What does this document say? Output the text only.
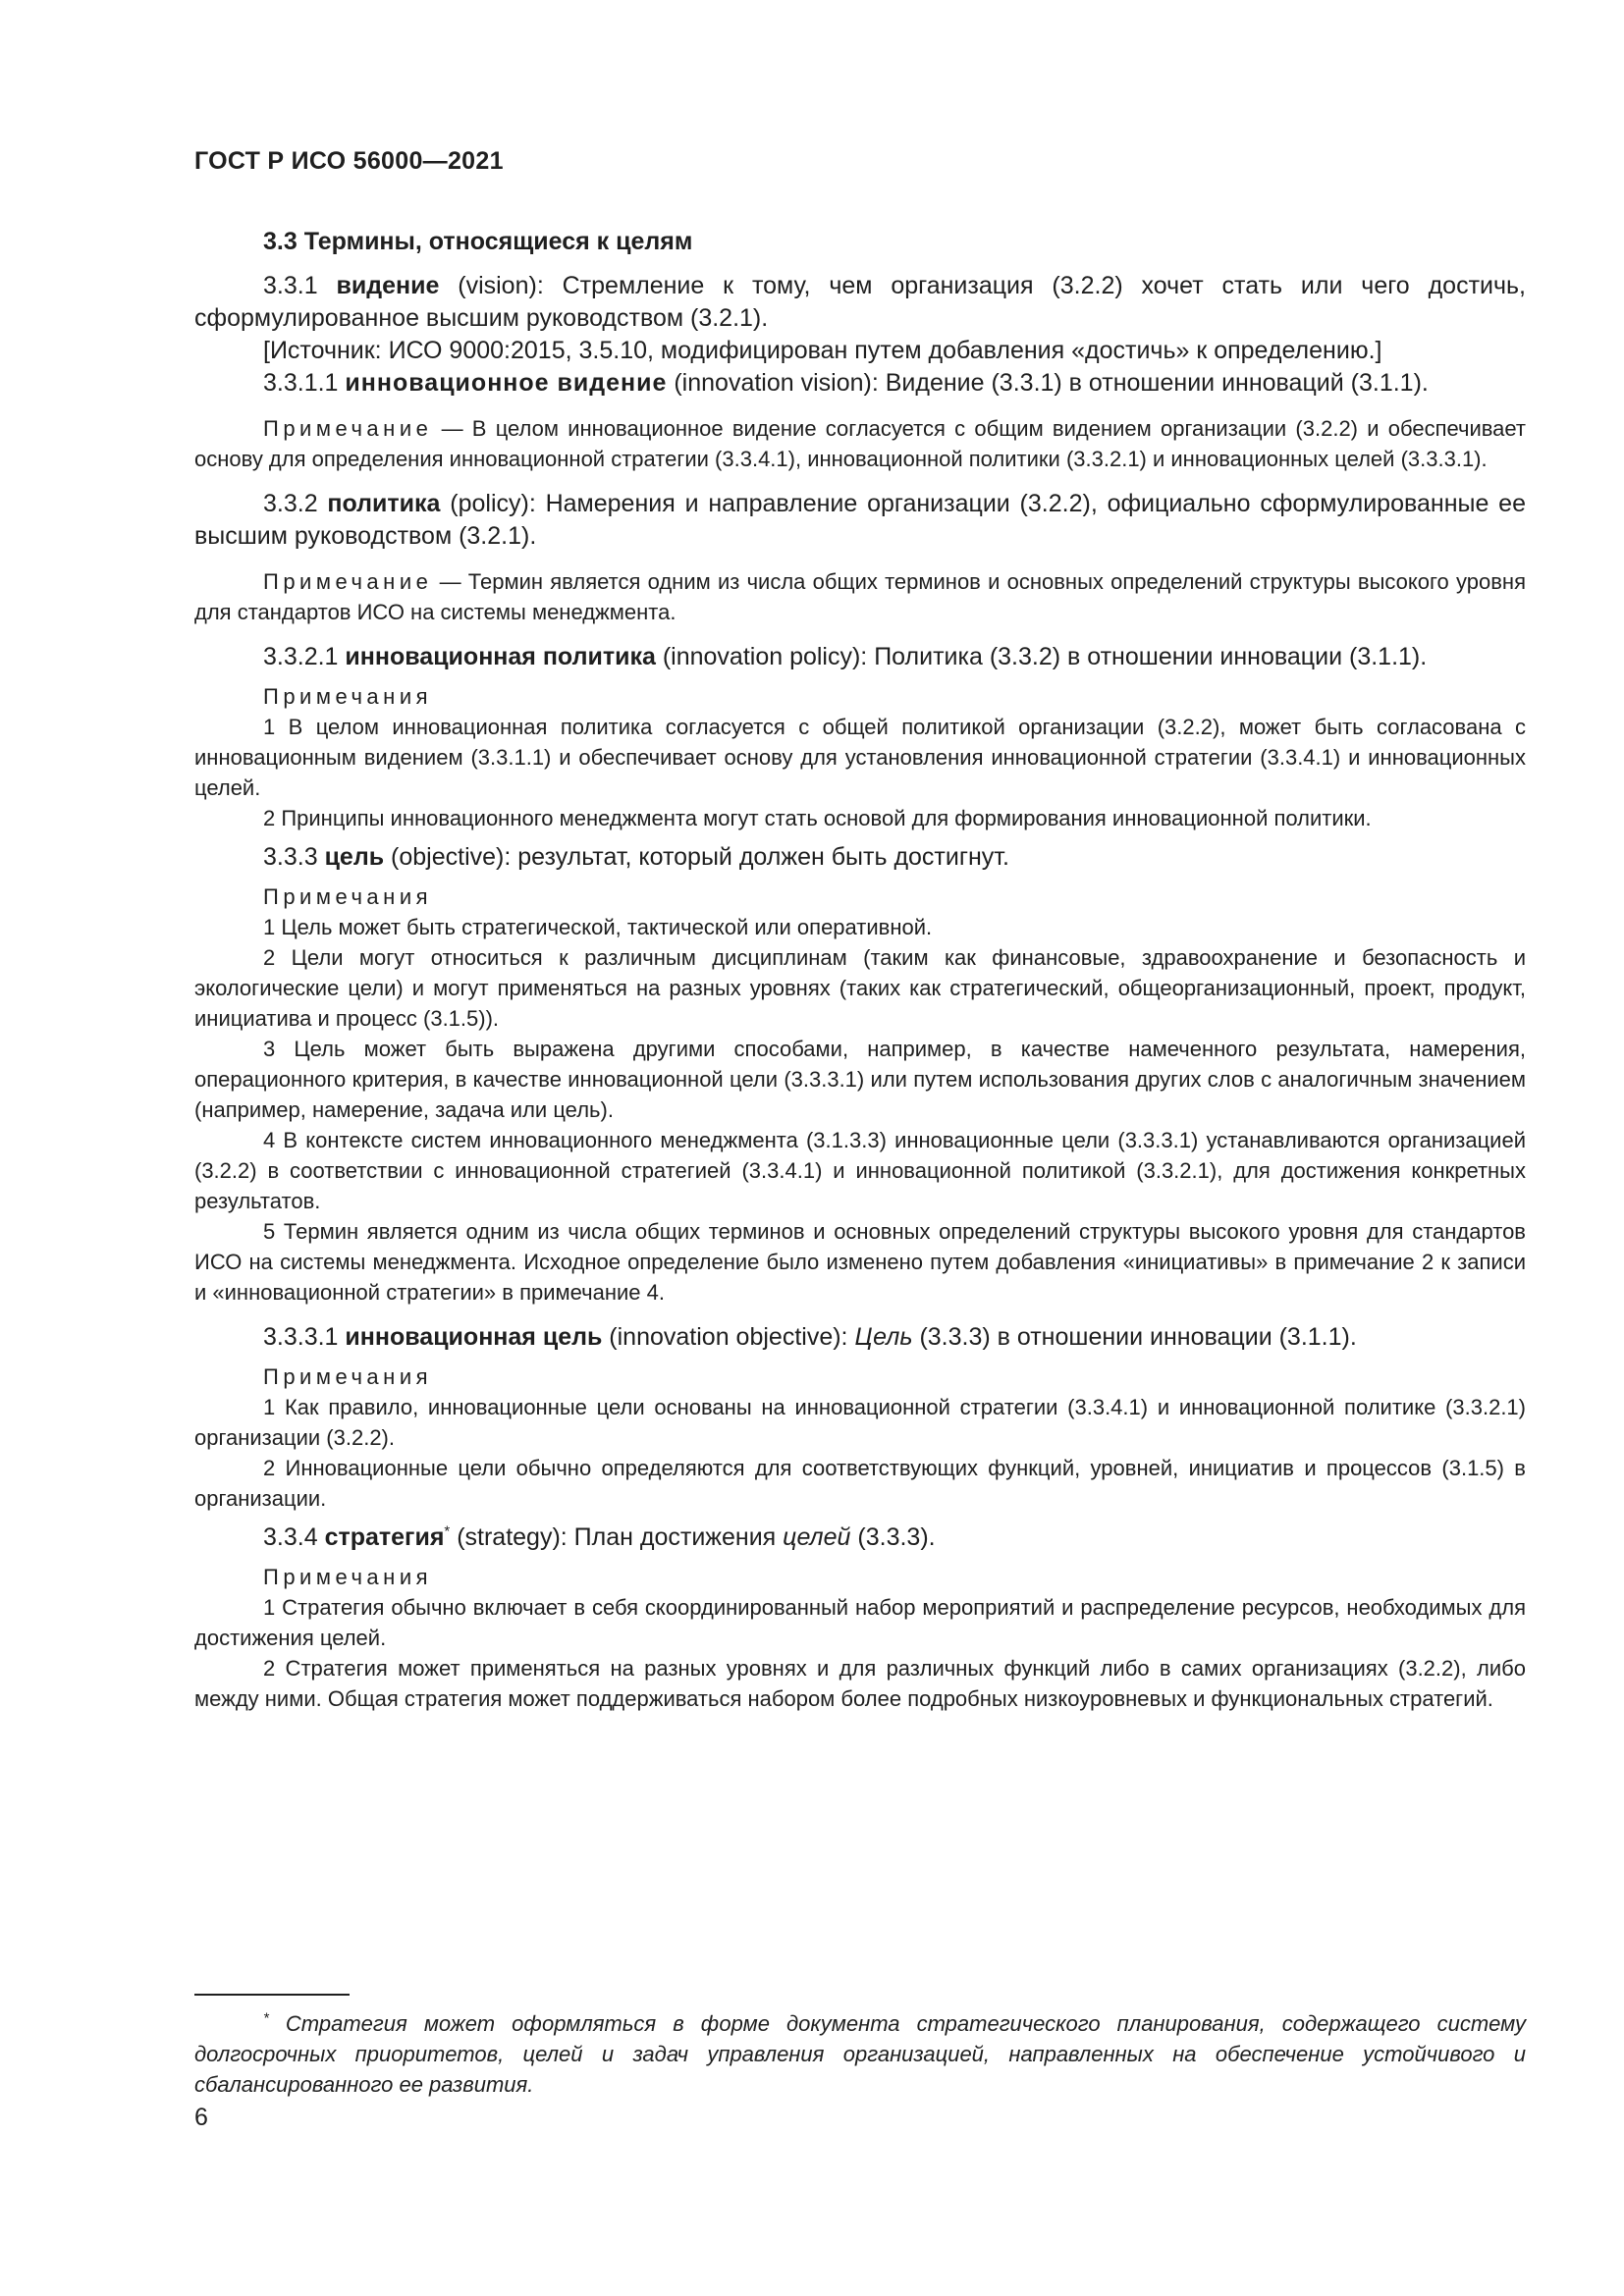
ГОСТ Р ИСО 56000—2021

3.3 Термины, относящиеся к целям

3.3.1 видение (vision): Стремление к тому, чем организация (3.2.2) хочет стать или чего достичь, сформулированное высшим руководством (3.2.1).

[Источник: ИСО 9000:2015, 3.5.10, модифицирован путем добавления «достичь» к определению.]

3.3.1.1 инновационное видение (innovation vision): Видение (3.3.1) в отношении инноваций (3.1.1).

Примечание — В целом инновационное видение согласуется с общим видением организации (3.2.2) и обеспечивает основу для определения инновационной стратегии (3.3.4.1), инновационной политики (3.3.2.1) и инновационных целей (3.3.3.1).

3.3.2 политика (policy): Намерения и направление организации (3.2.2), официально сформулированные ее высшим руководством (3.2.1).

Примечание — Термин является одним из числа общих терминов и основных определений структуры высокого уровня для стандартов ИСО на системы менеджмента.

3.3.2.1 инновационная политика (innovation policy): Политика (3.3.2) в отношении инновации (3.1.1).

Примечания

1 В целом инновационная политика согласуется с общей политикой организации (3.2.2), может быть согласована с инновационным видением (3.3.1.1) и обеспечивает основу для установления инновационной стратегии (3.3.4.1) и инновационных целей.

2 Принципы инновационного менеджмента могут стать основой для формирования инновационной политики.

3.3.3 цель (objective): результат, который должен быть достигнут.

Примечания

1 Цель может быть стратегической, тактической или оперативной.

2 Цели могут относиться к различным дисциплинам (таким как финансовые, здравоохранение и безопасность и экологические цели) и могут применяться на разных уровнях (таких как стратегический, общеорганизационный, проект, продукт, инициатива и процесс (3.1.5)).

3 Цель может быть выражена другими способами, например, в качестве намеченного результата, намерения, операционного критерия, в качестве инновационной цели (3.3.3.1) или путем использования других слов с аналогичным значением (например, намерение, задача или цель).

4 В контексте систем инновационного менеджмента (3.1.3.3) инновационные цели (3.3.3.1) устанавливаются организацией (3.2.2) в соответствии с инновационной стратегией (3.3.4.1) и инновационной политикой (3.3.2.1), для достижения конкретных результатов.

5 Термин является одним из числа общих терминов и основных определений структуры высокого уровня для стандартов ИСО на системы менеджмента. Исходное определение было изменено путем добавления «инициативы» в примечание 2 к записи и «инновационной стратегии» в примечание 4.

3.3.3.1 инновационная цель (innovation objective): Цель (3.3.3) в отношении инновации (3.1.1).

Примечания

1 Как правило, инновационные цели основаны на инновационной стратегии (3.3.4.1) и инновационной политике (3.3.2.1) организации (3.2.2).

2 Инновационные цели обычно определяются для соответствующих функций, уровней, инициатив и процессов (3.1.5) в организации.

3.3.4 стратегия* (strategy): План достижения целей (3.3.3).

Примечания

1 Стратегия обычно включает в себя скоординированный набор мероприятий и распределение ресурсов, необходимых для достижения целей.

2 Стратегия может применяться на разных уровнях и для различных функций либо в самих организациях (3.2.2), либо между ними. Общая стратегия может поддерживаться набором более подробных низкоуровневых и функциональных стратегий.

* Стратегия может оформляться в форме документа стратегического планирования, содержащего систему долгосрочных приоритетов, целей и задач управления организацией, направленных на обеспечение устойчивого и сбалансированного ее развития.

6
